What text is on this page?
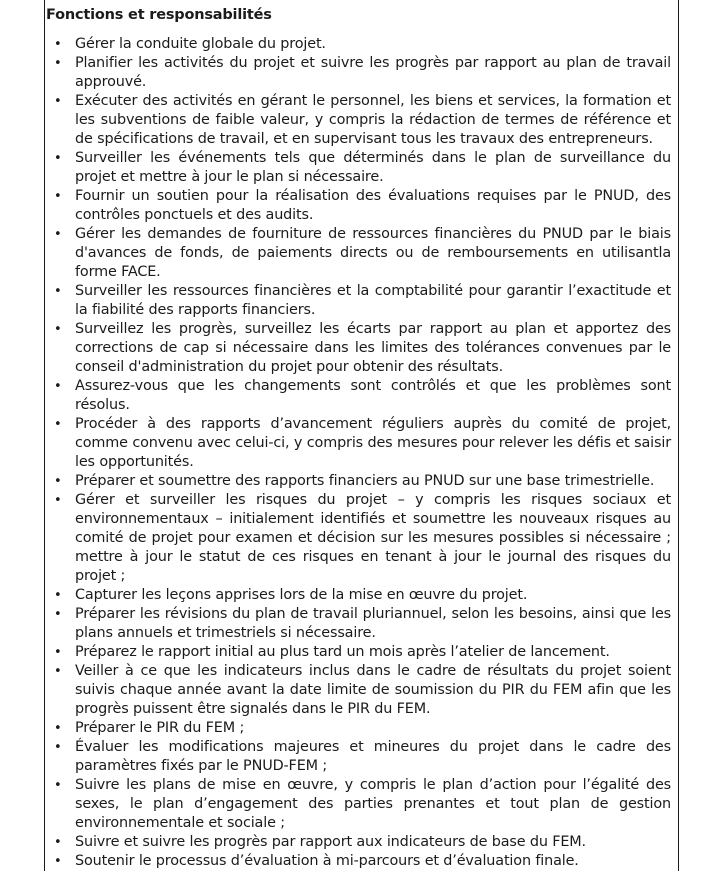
Fonctions et responsabilités
• Gérer la conduite globale du projet.
• Planifier les activités du projet et suivre les progrès par rapport au plan de travail approuvé.
• Exécuter des activités en gérant le personnel, les biens et services, la formation et les subventions de faible valeur, y compris la rédaction de termes de référence et de spécifications de travail, et en supervisant tous les travaux des entrepreneurs.
• Surveiller les événements tels que déterminés dans le plan de surveillance du projet et mettre à jour le plan si nécessaire.
• Fournir un soutien pour la réalisation des évaluations requises par le PNUD, des contrôles ponctuels et des audits.
• Gérer les demandes de fourniture de ressources financières du PNUD par le biais d'avances de fonds, de paiements directs ou de remboursements en utilisantla forme FACE.
• Surveiller les ressources financières et la comptabilité pour garantir l’exactitude et la fiabilité des rapports financiers.
• Surveillez les progrès, surveillez les écarts par rapport au plan et apportez des corrections de cap si nécessaire dans les limites des tolérances convenues par le conseil d'administration du projet pour obtenir des résultats.
• Assurez-vous que les changements sont contrôlés et que les problèmes sont résolus.
• Procéder à des rapports d’avancement réguliers auprès du comité de projet, comme convenu avec celui-ci, y compris des mesures pour relever les défis et saisir les opportunités.
• Préparer et soumettre des rapports financiers au PNUD sur une base trimestrielle.
• Gérer et surveiller les risques du projet – y compris les risques sociaux et environnementaux – initialement identifiés et soumettre les nouveaux risques au comité de projet pour examen et décision sur les mesures possibles si nécessaire ; mettre à jour le statut de ces risques en tenant à jour le journal des risques du projet ;
• Capturer les leçons apprises lors de la mise en œuvre du projet.
• Préparer les révisions du plan de travail pluriannuel, selon les besoins, ainsi que les plans annuels et trimestriels si nécessaire.
• Préparez le rapport initial au plus tard un mois après l’atelier de lancement.
• Veiller à ce que les indicateurs inclus dans le cadre de résultats du projet soient suivis chaque année avant la date limite de soumission du PIR du FEM afin que les progrès puissent être signalés dans le PIR du FEM.
• Préparer le PIR du FEM ;
• Évaluer les modifications majeures et mineures du projet dans le cadre des paramètres fixés par le PNUD-FEM ;
• Suivre les plans de mise en œuvre, y compris le plan d’action pour l’égalité des sexes, le plan d’engagement des parties prenantes et tout plan de gestion environnementale et sociale ;
• Suivre et suivre les progrès par rapport aux indicateurs de base du FEM.
• Soutenir le processus d’évaluation à mi-parcours et d’évaluation finale.
